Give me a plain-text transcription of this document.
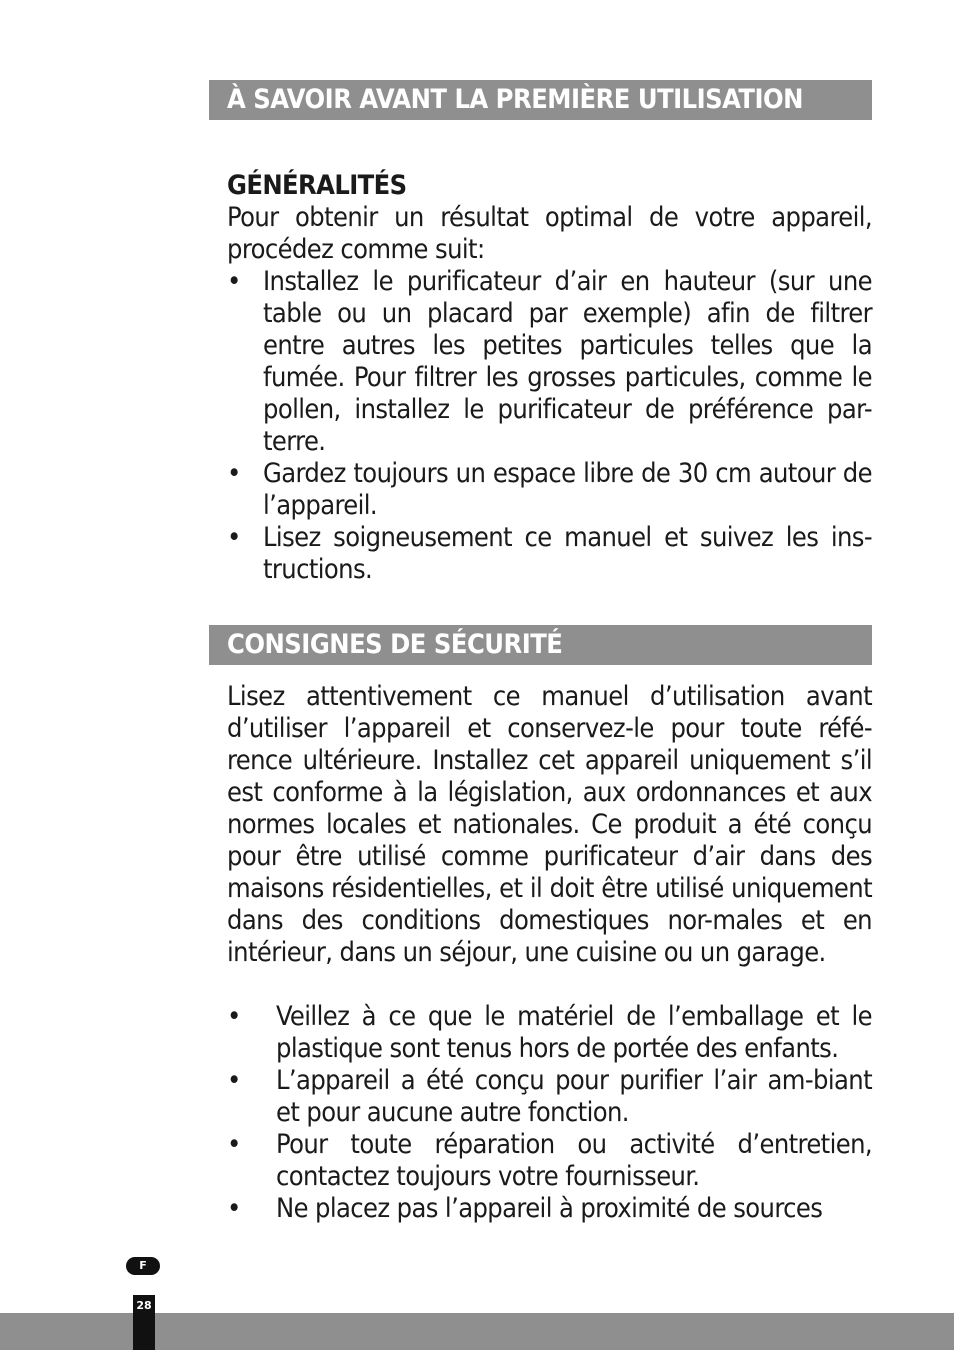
À SAVOIR AVANT LA PREMIÈRE UTILISATION
GÉNÉRALITÉS

Pour obtenir un résultat optimal de votre appareil, procédez comme suit:

• Installez le purificateur d’air en hauteur (sur une table ou un placard par exemple) afin de filtrer entre autres les petites particules telles que la fumée. Pour filtrer les grosses particules, comme le pollen, installez le purificateur de préférence par-terre.
• Gardez toujours un espace libre de 30 cm autour de l’appareil.
• Lisez soigneusement ce manuel et suivez les ins-tructions.
CONSIGNES DE SÉCURITÉ

Lisez attentivement ce manuel d’utilisation avant d’utiliser l’appareil et conservez-le pour toute réfé-rence ultérieure. Installez cet appareil uniquement s’il est conforme à la législation, aux ordonnances et aux normes locales et nationales. Ce produit a été conçu pour être utilisé comme purificateur d’air dans des maisons résidentielles, et il doit être utilisé uniquement dans des conditions domestiques nor-males et en intérieur, dans un séjour, une cuisine ou un garage.

• Veillez à ce que le matériel de l’emballage et le plastique sont tenus hors de portée des enfants.
• L’appareil a été conçu pour purifier l’air am-biant et pour aucune autre fonction.
• Pour toute réparation ou activité d’entretien, contactez toujours votre fournisseur.
• Ne placez pas l’appareil à proximité de sources
F
28
